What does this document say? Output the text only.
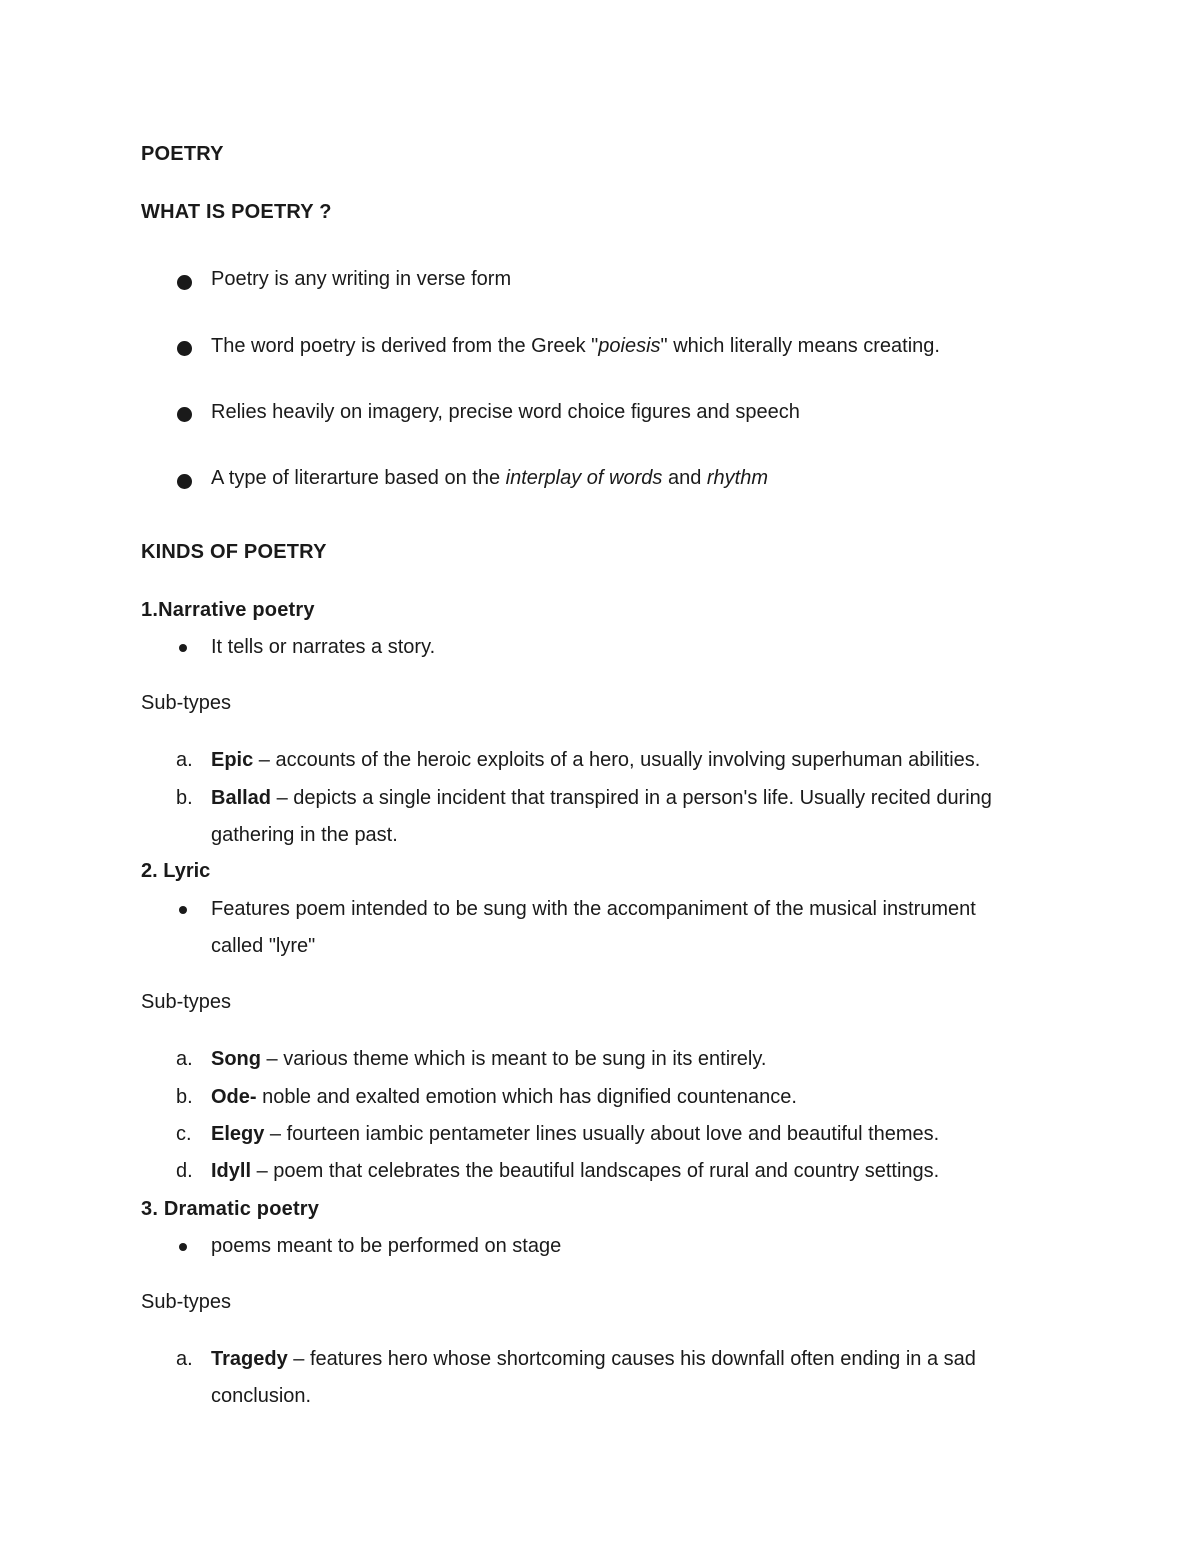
POETRY
WHAT IS POETRY ?
Poetry is any writing in verse form
The word poetry is derived from the Greek "poiesis" which literally means creating.
Relies heavily on imagery, precise word choice figures and speech
A type of literarture based on the interplay of words and rhythm
KINDS OF POETRY
1.Narrative poetry
It tells or narrates a story.
Sub-types
a. Epic – accounts of the heroic exploits of a hero, usually involving superhuman abilities.
b. Ballad – depicts a single incident that transpired in a person's life. Usually recited during
gathering in the past.
2. Lyric
Features poem intended to be sung with the accompaniment of the musical instrument
called "lyre"
Sub-types
a. Song – various theme which is meant to be sung in its entirely.
b. Ode- noble and exalted emotion which has dignified countenance.
c. Elegy – fourteen iambic pentameter lines usually about love and beautiful themes.
d. Idyll – poem that celebrates the beautiful landscapes of rural and country settings.
3. Dramatic poetry
poems meant to be performed on stage
Sub-types
a. Tragedy – features hero whose shortcoming causes his downfall often ending in a sad
conclusion.
